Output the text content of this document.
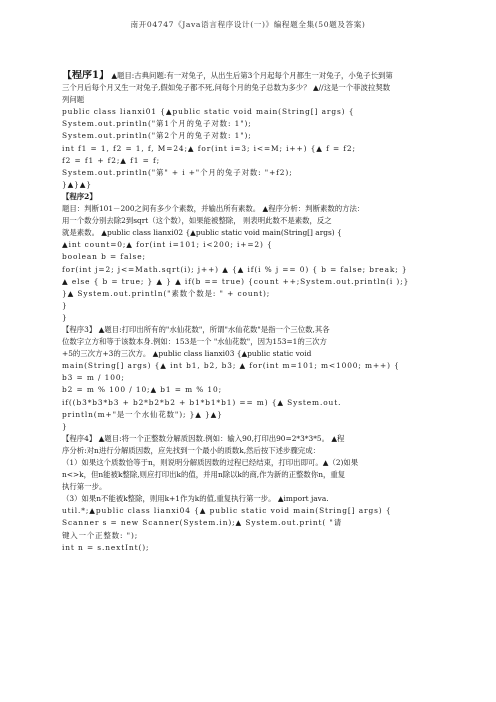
南开04747《Java语言程序设计(一)》编程题全集(50题及答案)
【程序1】 ▲题目:古典问题:有一对兔子，从出生后第3个月起每个月都生一对兔子，小兔子长到第
三个月后每个月又生一对兔子,假如兔子都不死,问每个月的兔子总数为多少？ ▲//这是一个菲波拉契数
列问题
public class lianxi01 {▲public static void main(String[] args) {
System.out.println("第1个月的兔子对数: 1");
System.out.println("第2个月的兔子对数: 1");
int f1 = 1, f2 = 1, f, M=24;▲ for(int i=3; i<=M; i++) {▲ f = f2;
f2 = f1 + f2;▲ f1 = f;
System.out.println("第" + i +"个月的兔子对数: "+f2);
}▲}▲}
【程序2】
题目：判断101－200之间有多少个素数，并输出所有素数。 ▲程序分析：判断素数的方法：
用一个数分别去除2到sqrt（这个数），如果能被整除， 则表明此数不是素数，反之
就是素数。 ▲public class lianxi02 {▲public static void main(String[] args) {
▲int count=0;▲ for(int i=101; i<200; i+=2) {
boolean b = false;
for(int j=2; j<=Math.sqrt(i); j++) ▲ {▲ if(i % j == 0) { b = false; break; }
▲ else { b = true; } ▲ } ▲ if(b == true) {count ++;System.out.println(i );}
}▲ System.out.println("素数个数是: " + count);
}
}
【程序3】 ▲题目:打印出所有的"水仙花数"，所谓"水仙花数"是指一个三位数,其各
位数字立方和等于该数本身.例如：153是一个 "水仙花数"，因为153=1的三次方
+5的三次方+3的三次方。 ▲public class lianxi03 {▲public static void
main(String[] args) {▲ int b1, b2, b3; ▲ for(int m=101; m<1000; m++) {
b3 = m / 100;
b2 = m % 100 / 10;▲ b1 = m % 10;
if((b3*b3*b3 + b2*b2*b2 + b1*b1*b1) == m) {▲ System.out.
println(m+"是一个水仙花数"); }▲ }▲}
}
【程序4】 ▲题目:将一个正整数分解质因数.例如：输入90,打印出90=2*3*3*5。 ▲程
序分析:对n进行分解质因数，应先找到一个最小的质数k,然后按下述步骤完成：
（1）如果这个质数恰等于n，则说明分解质因数的过程已经结束，打印出即可。▲（2)如果
n<>k，但n能被k整除,则应打印出k的值，并用n除以k的商,作为新的正整数你n，重复
执行第一步。
（3）如果n不能被k整除，则用k+1作为k的值,重复执行第一步。 ▲import java.
util.*;▲public class lianxi04 {▲ public static void main(String[] args) {
Scanner s = new Scanner(System.in);▲ System.out.print( "请
键入一个正整数: ");
int n = s.nextInt();
